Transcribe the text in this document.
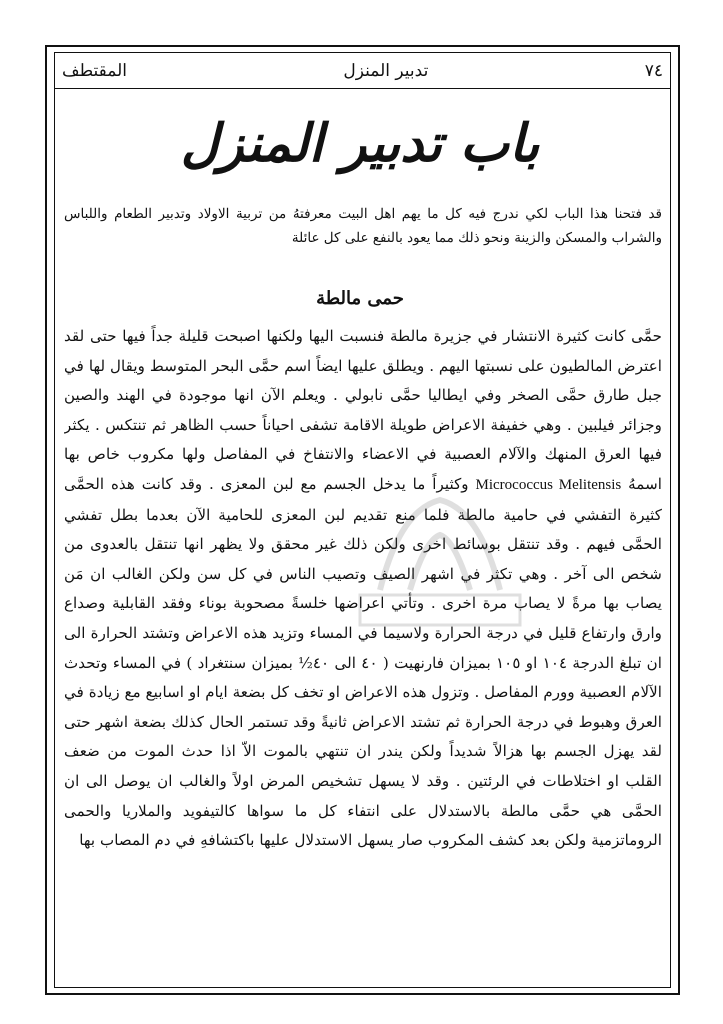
٧٤
تدبير المنزل
المقتطف
باب تدبير المنزل
قد فتحنا هذا الباب لكي ندرج فيه كل ما يهم اهل البيت معرفتهُ من تربية الاولاد وتدبير الطعام واللباس والشراب والمسكن والزينة ونحو ذلك مما يعود بالنفع على كل عائلة
حمى مالطة
حمَّى كانت كثيرة الانتشار في جزيرة مالطة فنسبت اليها ولكنها اصبحت قليلة جداً فيها حتى لقد اعترض المالطيون على نسبتها اليهم . ويطلق عليها ايضاً اسم حمَّى البحر المتوسط ويقال لها في جبل طارق حمَّى الصخر وفي ايطاليا حمَّى نابولي . ويعلم الآن انها موجودة في الهند والصين وجزائر فيلبين . وهي خفيفة الاعراض طويلة الاقامة تشفى احياناً حسب الظاهر ثم تنتكس . يكثر فيها العرق المنهك والآلام العصبية في الاعضاء والانتفاخ في المفاصل ولها مكروب خاص بها اسمهُ Micrococcus Melitensis وكثيراً ما يدخل الجسم مع لبن المعزى . وقد كانت هذه الحمَّى كثيرة التفشي في حامية مالطة فلما منع تقديم لبن المعزى للحامية الآن بعدما بطل تفشي الحمَّى فيهم . وقد تنتقل بوسائط اخرى ولكن ذلك غير محقق ولا يظهر انها تنتقل بالعدوى من شخص الى آخر . وهي تكثر في اشهر الصيف وتصيب الناس في كل سن ولكن الغالب ان مَن يصاب بها مرةً لا يصاب مرة اخرى . وتأتي اعراضها خلسةً مصحوبة بوناء وفقد القابلية وصداع وارق وارتفاع قليل في درجة الحرارة ولاسيما في المساء وتزيد هذه الاعراض وتشتد الحرارة الى ان تبلغ الدرجة ١٠٤ او ١٠٥ بميزان فارنهيت ( ٤٠ الى ٤٠½ بميزان سنتغراد ) في المساء وتحدث الآلام العصبية وورم المفاصل . وتزول هذه الاعراض او تخف كل بضعة ايام او اسابيع مع زيادة في العرق وهبوط في درجة الحرارة ثم تشتد الاعراض ثانيةً وقد تستمر الحال كذلك بضعة اشهر حتى لقد يهزل الجسم بها هزالاً شديداً ولكن يندر ان تنتهي بالموت الاّ اذا حدث الموت من ضعف القلب او اختلاطات في الرئتين . وقد لا يسهل تشخيص المرض اولاً والغالب ان يوصل الى ان الحمَّى هي حمَّى مالطة بالاستدلال على انتفاء كل ما سواها كالتيفويد والملاريا والحمى الروماتزمية ولكن بعد كشف المكروب صار يسهل الاستدلال عليها باكتشافهِ في دم المصاب بها
